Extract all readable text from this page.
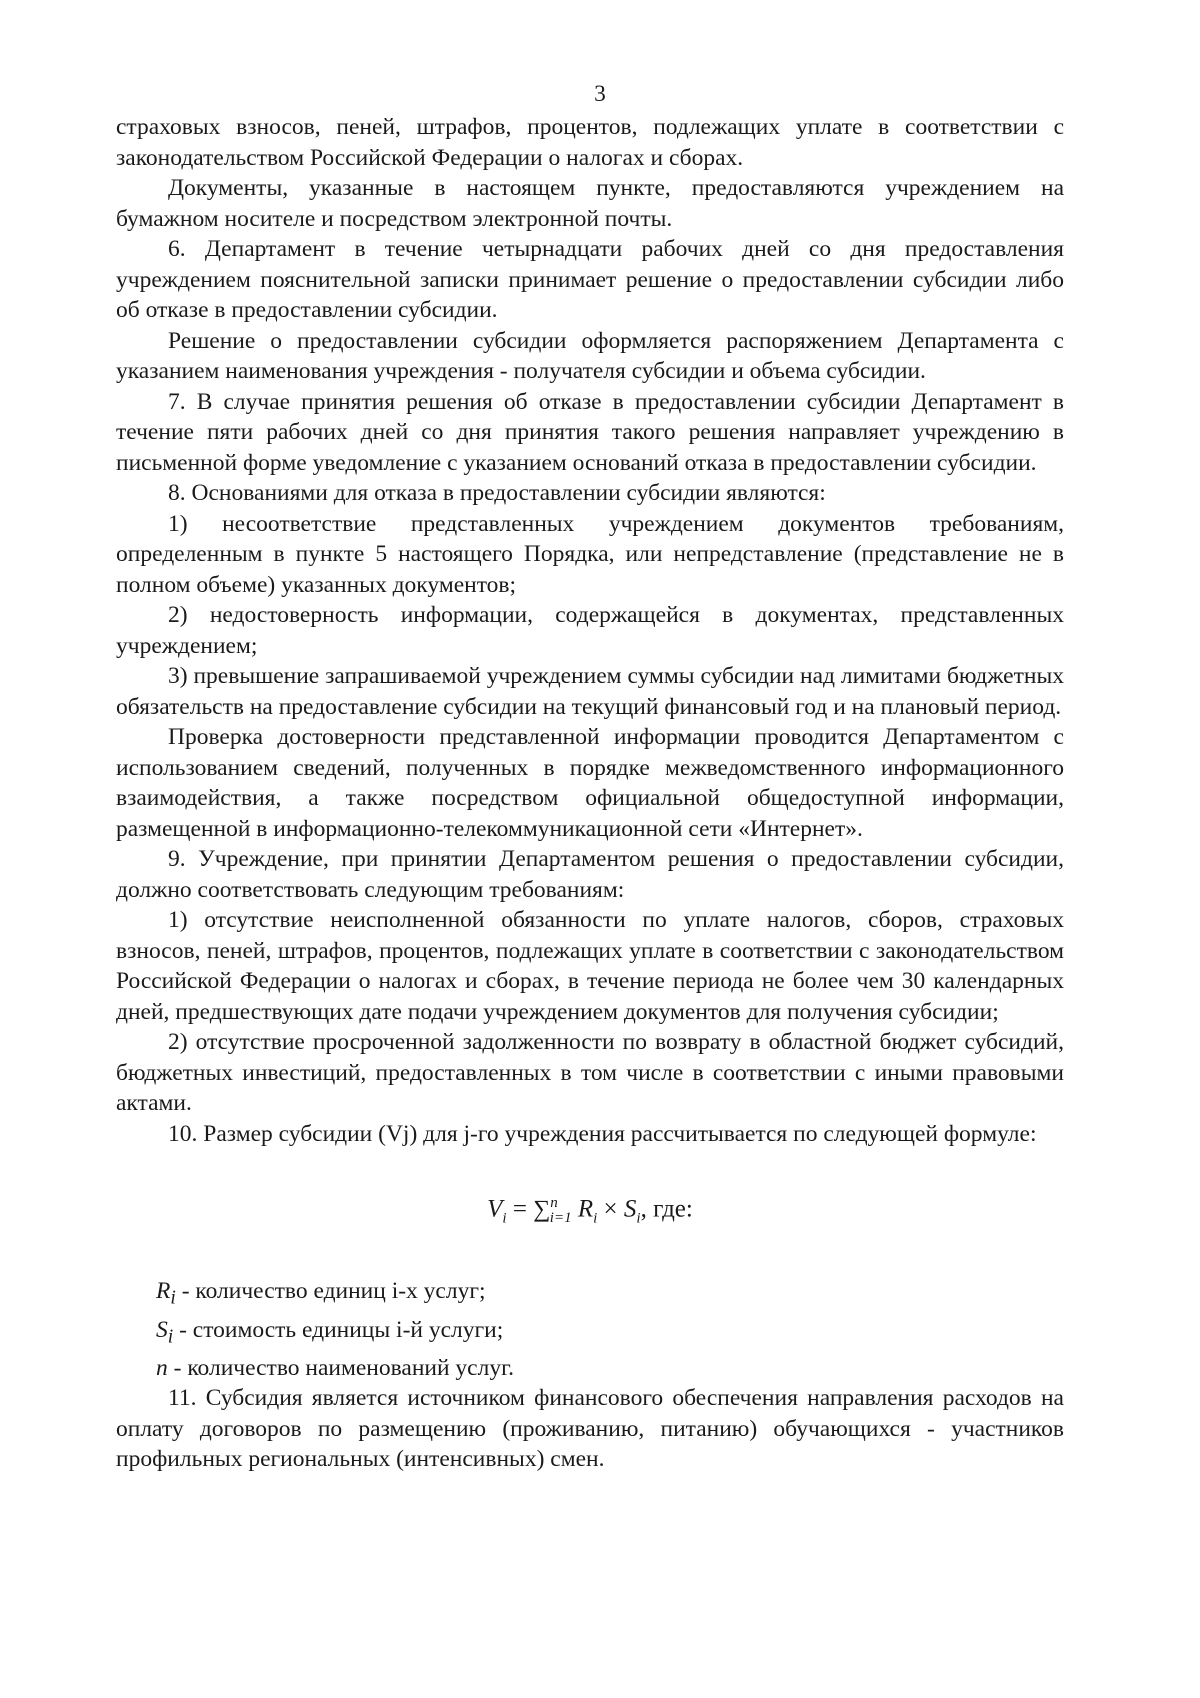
3

страховых взносов, пеней, штрафов, процентов, подлежащих уплате в соответствии с законодательством Российской Федерации о налогах и сборах.

Документы, указанные в настоящем пункте, предоставляются учреждением на бумажном носителе и посредством электронной почты.

6. Департамент в течение четырнадцати рабочих дней со дня предоставления учреждением пояснительной записки принимает решение о предоставлении субсидии либо об отказе в предоставлении субсидии.

Решение о предоставлении субсидии оформляется распоряжением Департамента с указанием наименования учреждения - получателя субсидии и объема субсидии.

7. В случае принятия решения об отказе в предоставлении субсидии Департамент в течение пяти рабочих дней со дня принятия такого решения направляет учреждению в письменной форме уведомление с указанием оснований отказа в предоставлении субсидии.

8. Основаниями для отказа в предоставлении субсидии являются:

1) несоответствие представленных учреждением документов требованиям, определенным в пункте 5 настоящего Порядка, или непредставление (представление не в полном объеме) указанных документов;

2) недостоверность информации, содержащейся в документах, представленных учреждением;

3) превышение запрашиваемой учреждением суммы субсидии над лимитами бюджетных обязательств на предоставление субсидии на текущий финансовый год и на плановый период.

Проверка достоверности представленной информации проводится Департаментом с использованием сведений, полученных в порядке межведомственного информационного взаимодействия, а также посредством официальной общедоступной информации, размещенной в информационно-телекоммуникационной сети «Интернет».

9. Учреждение, при принятии Департаментом решения о предоставлении субсидии, должно соответствовать следующим требованиям:

1) отсутствие неисполненной обязанности по уплате налогов, сборов, страховых взносов, пеней, штрафов, процентов, подлежащих уплате в соответствии с законодательством Российской Федерации о налогах и сборах, в течение периода не более чем 30 календарных дней, предшествующих дате подачи учреждением документов для получения субсидии;

2) отсутствие просроченной задолженности по возврату в областной бюджет субсидий, бюджетных инвестиций, предоставленных в том числе в соответствии с иными правовыми актами.

10. Размер субсидии (Vj) для j-го учреждения рассчитывается по следующей формуле:

$V_i = \sum^n_{i=1}$ $R_i \times S_i$, где:
$R_i$ - количество единиц i-х услуг;
$S_i$ - стоимость единицы i-й услуги;
n - количество наименований услуг.

11. Субсидия является источником финансового обеспечения направления расходов на оплату договоров по размещению (проживанию, питанию) обучающихся - участников профильных региональных (интенсивных) смен.
